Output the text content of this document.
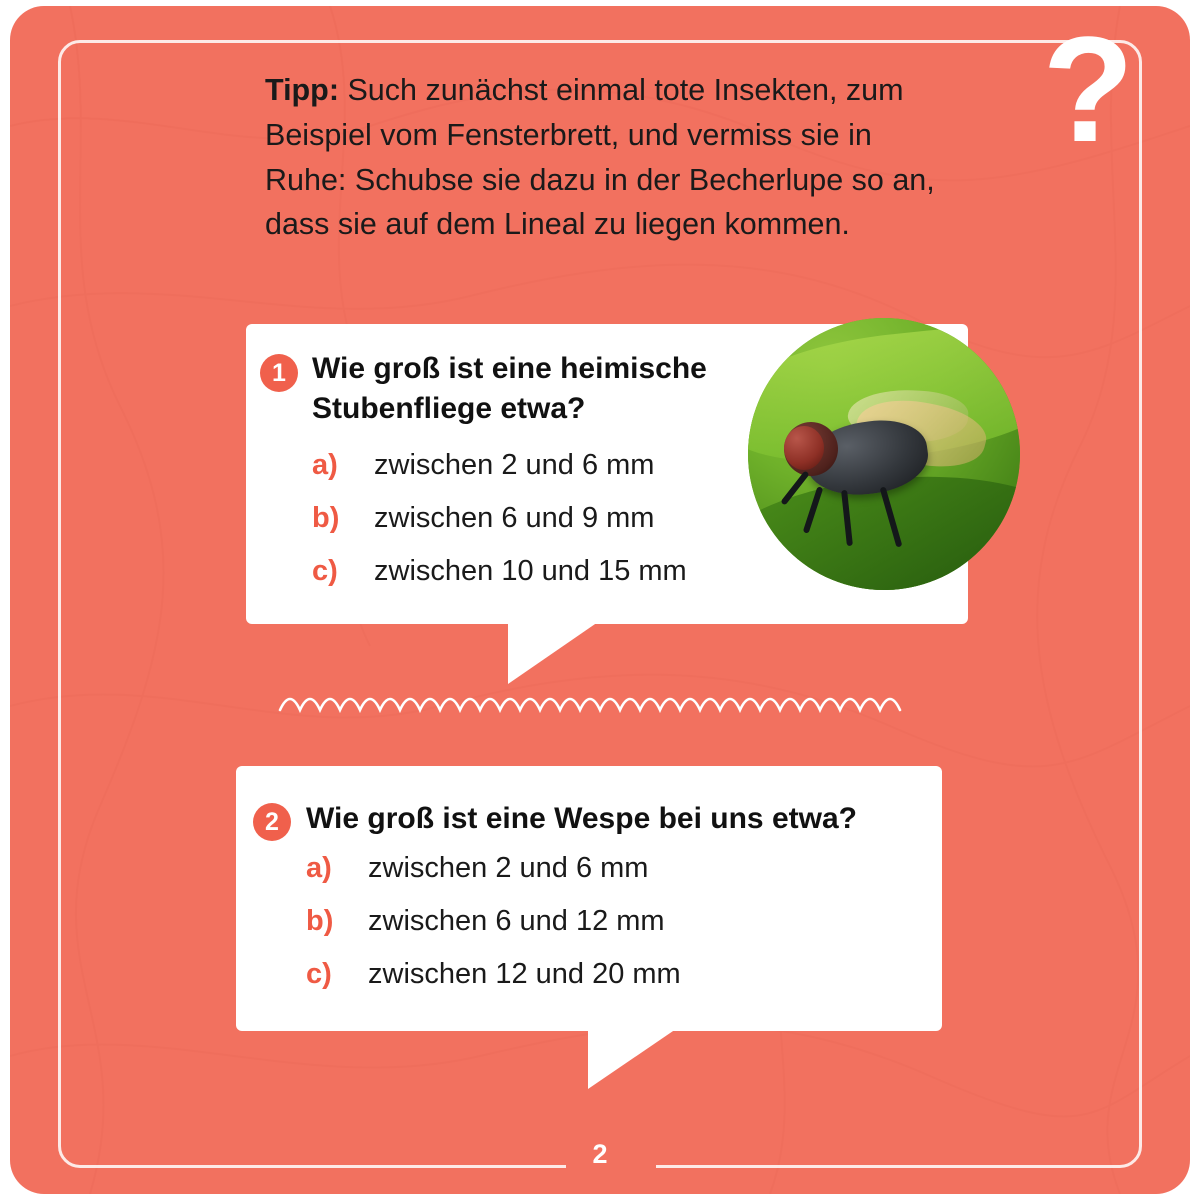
?
Tipp: Such zunächst einmal tote Insekten, zum Beispiel vom Fensterbrett, und vermiss sie in Ruhe: Schubse sie dazu in der Becherlupe so an, dass sie auf dem Lineal zu liegen kommen.
1 Wie groß ist eine heimische Stubenfliege etwa?
a)	zwischen 2 und 6 mm
b)	zwischen 6 und 9 mm
c)	zwischen 10 und 15 mm
2 Wie groß ist eine Wespe bei uns etwa?
a)	zwischen 2 und 6 mm
b)	zwischen 6 und 12 mm
c)	zwischen 12 und 20 mm
2
